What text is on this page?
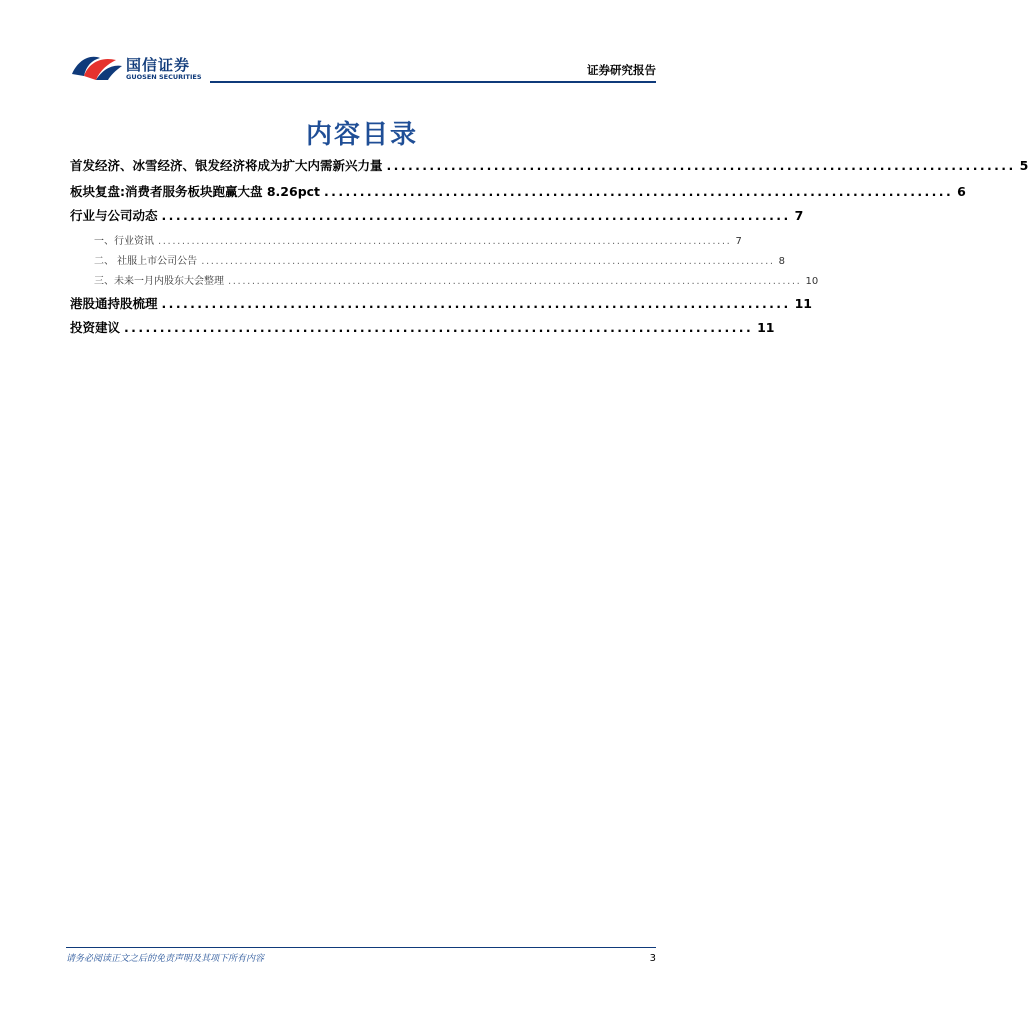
国信证券
GUOSEN SECURITIES	证券研究报告
内容目录
首发经济、冰雪经济、银发经济将成为扩大内需新兴力量 ........................................................................................ 5
板块复盘:消费者服务板块跑赢大盘 8.26pct ........................................................................................ 6
行业与公司动态 ........................................................................................ 7
一、行业资讯 ........................................................................................................................ 7
二、 社服上市公司公告 ........................................................................................................................ 8
三、未来一月内股东大会整理 ........................................................................................................................ 10
港股通持股梳理 ........................................................................................ 11
投资建议 ........................................................................................ 11
请务必阅读正文之后的免责声明及其项下所有内容	3
